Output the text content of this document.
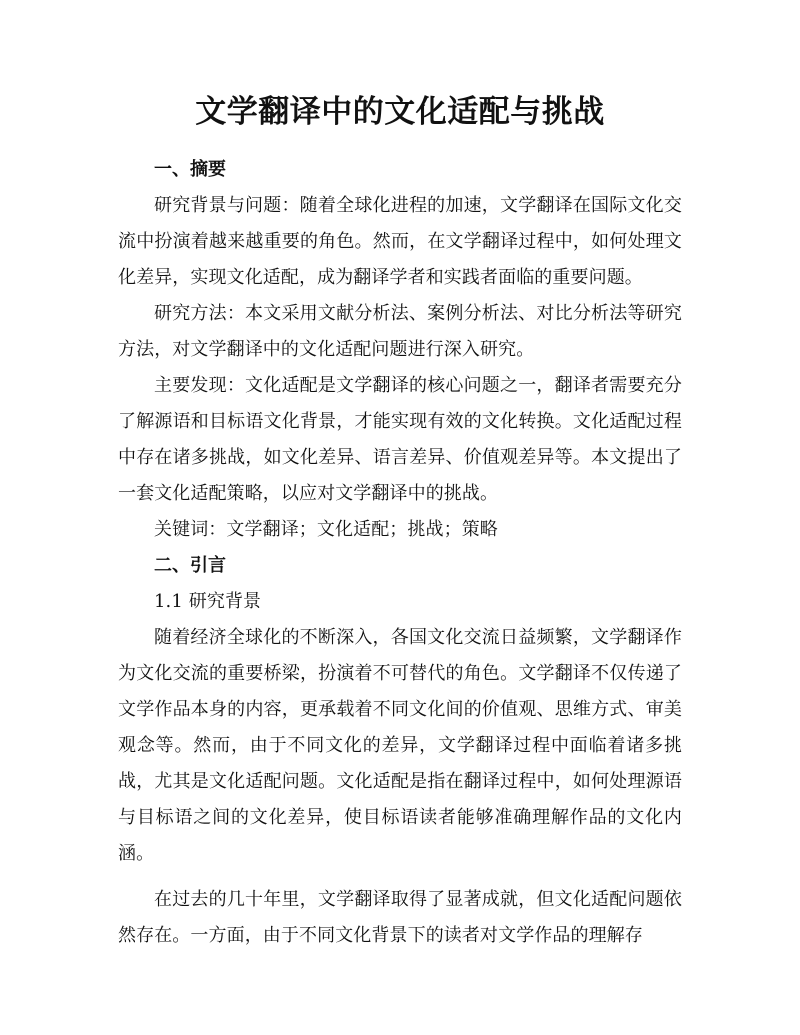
文学翻译中的文化适配与挑战
一、摘要

研究背景与问题：随着全球化进程的加速，文学翻译在国际文化交流中扮演着越来越重要的角色。然而，在文学翻译过程中，如何处理文化差异，实现文化适配，成为翻译学者和实践者面临的重要问题。

研究方法：本文采用文献分析法、案例分析法、对比分析法等研究方法，对文学翻译中的文化适配问题进行深入研究。

主要发现：文化适配是文学翻译的核心问题之一，翻译者需要充分了解源语和目标语文化背景，才能实现有效的文化转换。文化适配过程中存在诸多挑战，如文化差异、语言差异、价值观差异等。本文提出了一套文化适配策略，以应对文学翻译中的挑战。

关键词：文学翻译；文化适配；挑战；策略

二、引言

1.1 研究背景

随着经济全球化的不断深入，各国文化交流日益频繁，文学翻译作为文化交流的重要桥梁，扮演着不可替代的角色。文学翻译不仅传递了文学作品本身的内容，更承载着不同文化间的价值观、思维方式、审美观念等。然而，由于不同文化的差异，文学翻译过程中面临着诸多挑战，尤其是文化适配问题。文化适配是指在翻译过程中，如何处理源语与目标语之间的文化差异，使目标语读者能够准确理解作品的文化内涵。

在过去的几十年里，文学翻译取得了显著成就，但文化适配问题依然存在。一方面，由于不同文化背景下的读者对文学作品的理解存
